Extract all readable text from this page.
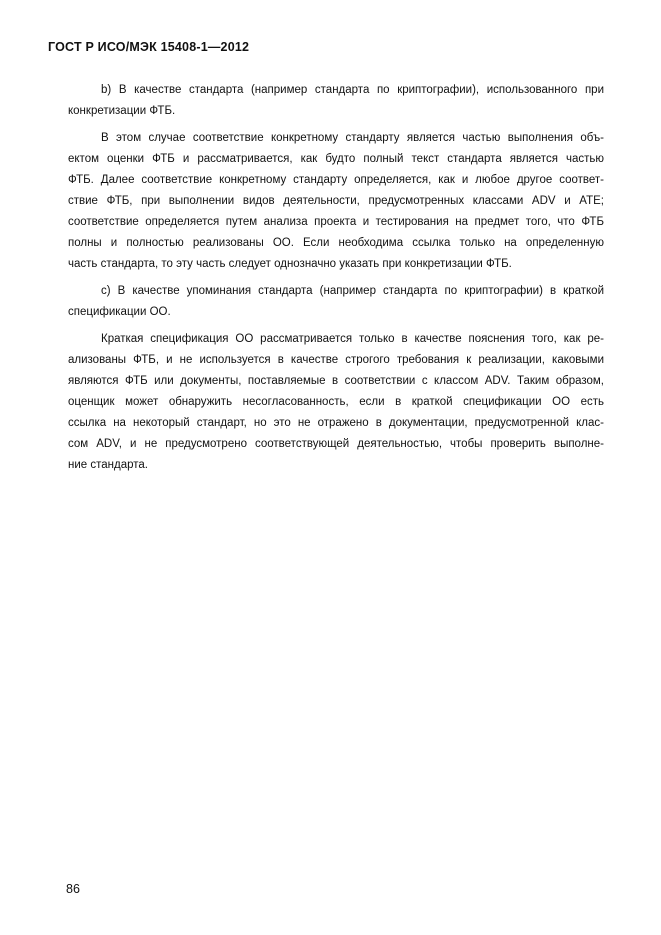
ГОСТ Р ИСО/МЭК 15408-1—2012

b) В качестве стандарта (например стандарта по криптографии), использованного при
конкретизации ФТБ.

В этом случае соответствие конкретному стандарту является частью выполнения объ-
ектом оценки ФТБ и рассматривается, как будто полный текст стандарта является частью
ФТБ. Далее соответствие конкретному стандарту определяется, как и любое другое соответ-
ствие ФТБ, при выполнении видов деятельности, предусмотренных классами ADV и ATE;
соответствие определяется путем анализа проекта и тестирования на предмет того, что ФТБ
полны и полностью реализованы ОО. Если необходима ссылка только на определенную
часть стандарта, то эту часть следует однозначно указать при конкретизации ФТБ.

c) В качестве упоминания стандарта (например стандарта по криптографии) в краткой
спецификации ОО.

Краткая спецификация ОО рассматривается только в качестве пояснения того, как ре-
ализованы ФТБ, и не используется в качестве строгого требования к реализации, каковыми
являются ФТБ или документы, поставляемые в соответствии с классом ADV. Таким образом,
оценщик может обнаружить несогласованность, если в краткой спецификации ОО есть
ссылка на некоторый стандарт, но это не отражено в документации, предусмотренной клас-
сом ADV, и не предусмотрено соответствующей деятельностью, чтобы проверить выполне-
ние стандарта.

86
